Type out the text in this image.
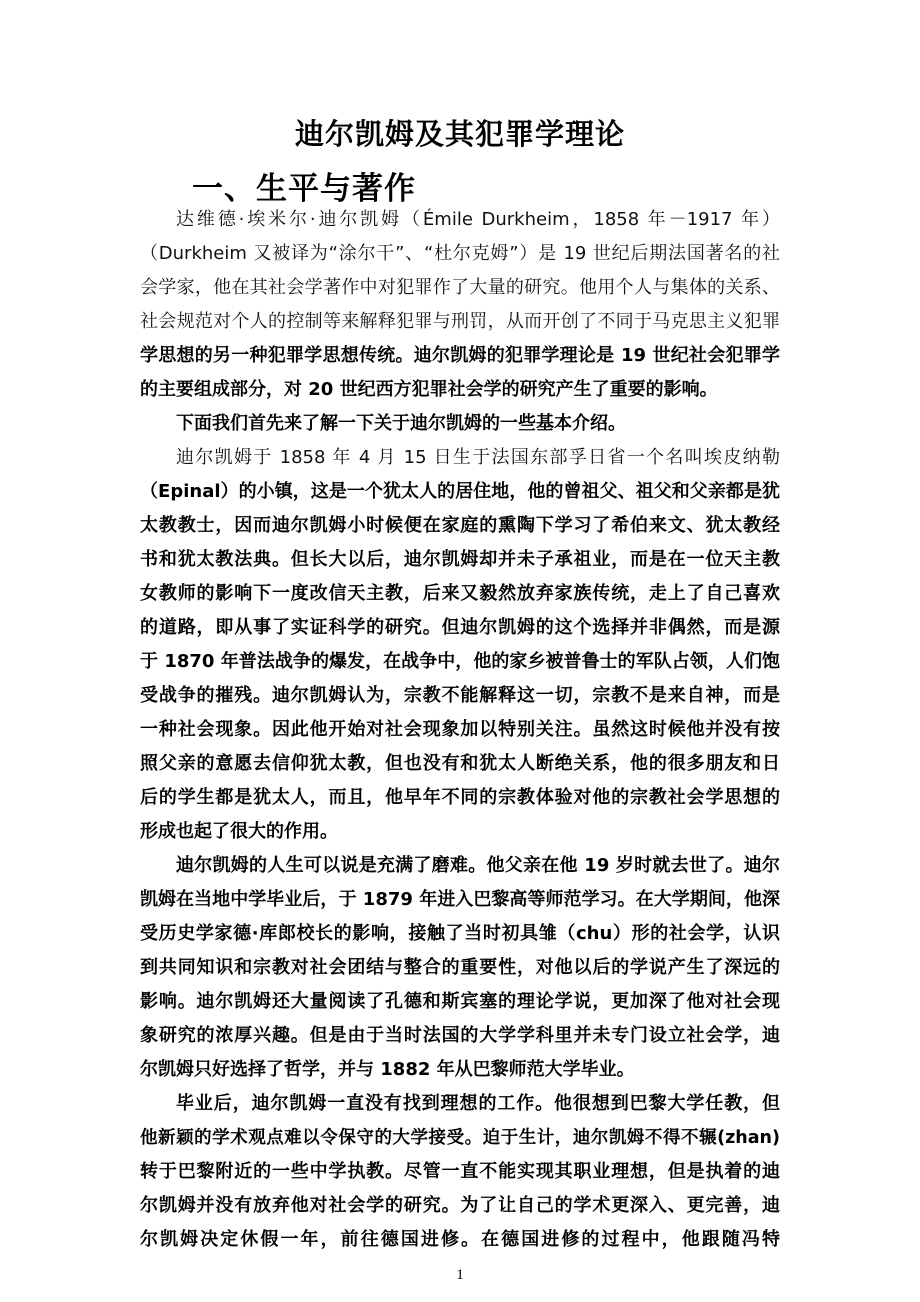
迪尔凯姆及其犯罪学理论
一、生平与著作
达维德·埃米尔·迪尔凯姆（Émile Durkheim，1858 年－1917 年）
（Durkheim 又被译为“涂尔干”、“杜尔克姆”）是 19 世纪后期法国著名的社
会学家，他在其社会学著作中对犯罪作了大量的研究。他用个人与集体的关系、
社会规范对个人的控制等来解释犯罪与刑罚，从而开创了不同于马克思主义犯罪
学思想的另一种犯罪学思想传统。迪尔凯姆的犯罪学理论是 19 世纪社会犯罪学
的主要组成部分，对 20 世纪西方犯罪社会学的研究产生了重要的影响。
下面我们首先来了解一下关于迪尔凯姆的一些基本介绍。
迪尔凯姆于 1858 年 4 月 15 日生于法国东部孚日省一个名叫埃皮纳勒
（Epinal）的小镇，这是一个犹太人的居住地，他的曾祖父、祖父和父亲都是犹
太教教士，因而迪尔凯姆小时候便在家庭的熏陶下学习了希伯来文、犹太教经
书和犹太教法典。但长大以后，迪尔凯姆却并未子承祖业，而是在一位天主教
女教师的影响下一度改信天主教，后来又毅然放弃家族传统，走上了自己喜欢
的道路，即从事了实证科学的研究。但迪尔凯姆的这个选择并非偶然，而是源
于 1870 年普法战争的爆发，在战争中，他的家乡被普鲁士的军队占领，人们饱
受战争的摧残。迪尔凯姆认为，宗教不能解释这一切，宗教不是来自神，而是
一种社会现象。因此他开始对社会现象加以特别关注。虽然这时候他并没有按
照父亲的意愿去信仰犹太教，但也没有和犹太人断绝关系，他的很多朋友和日
后的学生都是犹太人，而且，他早年不同的宗教体验对他的宗教社会学思想的
形成也起了很大的作用。
迪尔凯姆的人生可以说是充满了磨难。他父亲在他 19 岁时就去世了。迪尔
凯姆在当地中学毕业后，于 1879 年进入巴黎高等师范学习。在大学期间，他深
受历史学家德·库郎校长的影响，接触了当时初具雏（chu）形的社会学，认识
到共同知识和宗教对社会团结与整合的重要性，对他以后的学说产生了深远的
影响。迪尔凯姆还大量阅读了孔德和斯宾塞的理论学说，更加深了他对社会现
象研究的浓厚兴趣。但是由于当时法国的大学学科里并未专门设立社会学，迪
尔凯姆只好选择了哲学，并与 1882 年从巴黎师范大学毕业。
毕业后，迪尔凯姆一直没有找到理想的工作。他很想到巴黎大学任教，但
他新颖的学术观点难以令保守的大学接受。迫于生计，迪尔凯姆不得不辗(zhan)
转于巴黎附近的一些中学执教。尽管一直不能实现其职业理想，但是执着的迪
尔凯姆并没有放弃他对社会学的研究。为了让自己的学术更深入、更完善，迪
尔凯姆决定休假一年，前往德国进修。在德国进修的过程中，他跟随冯特
1
